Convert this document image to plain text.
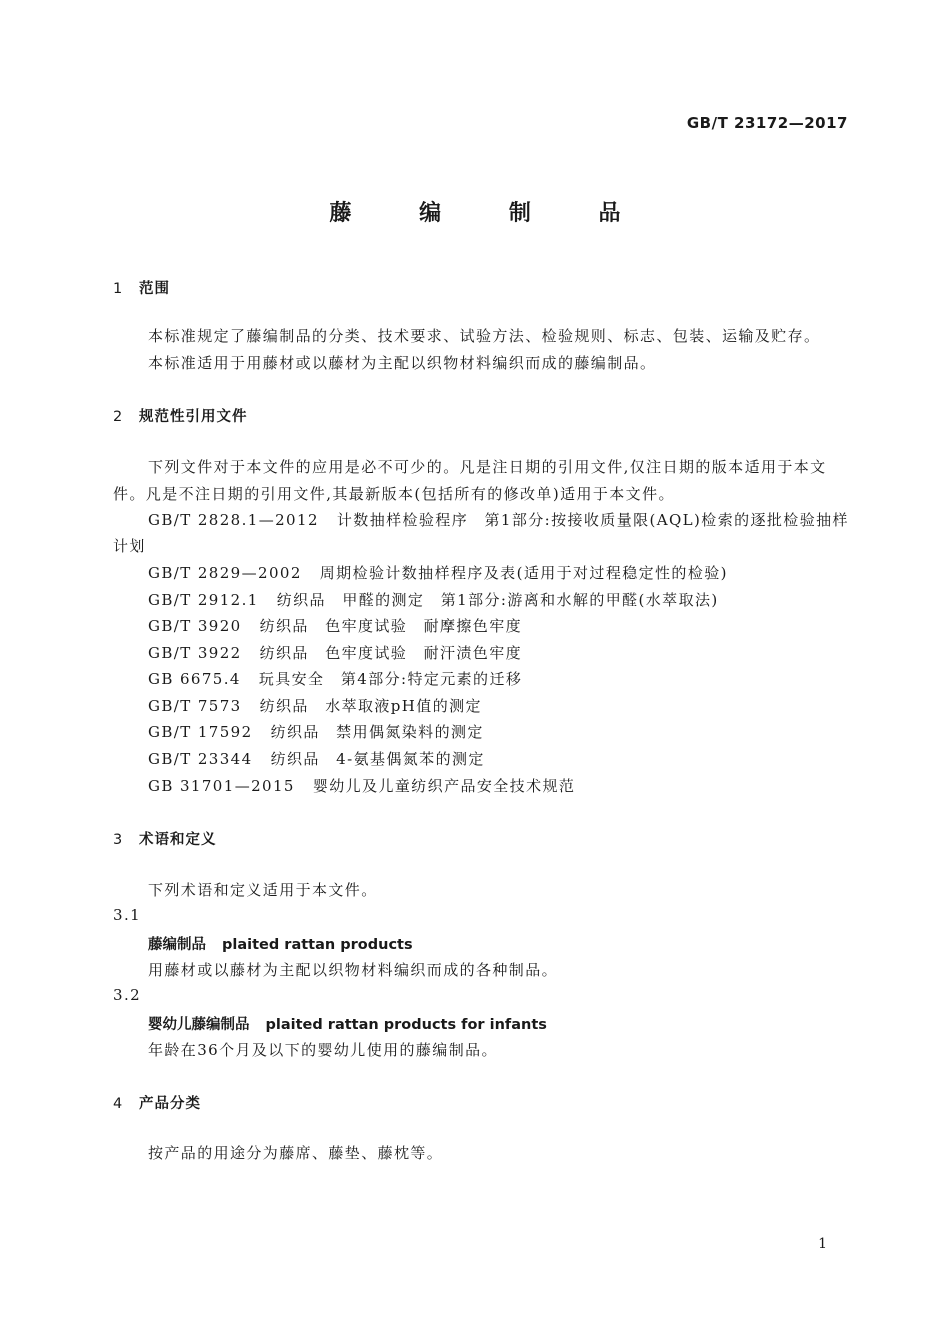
GB/T 23172—2017
藤 编 制 品
1 范围
本标准规定了藤编制品的分类、技术要求、试验方法、检验规则、标志、包装、运输及贮存。
本标准适用于用藤材或以藤材为主配以织物材料编织而成的藤编制品。
2 规范性引用文件
下列文件对于本文件的应用是必不可少的。凡是注日期的引用文件,仅注日期的版本适用于本文
件。凡是不注日期的引用文件,其最新版本(包括所有的修改单)适用于本文件。
GB/T 2828.1—2012 计数抽样检验程序　第1部分:按接收质量限(AQL)检索的逐批检验抽样
计划
GB/T 2829—2002 周期检验计数抽样程序及表(适用于对过程稳定性的检验)
GB/T 2912.1 纺织品　甲醛的测定　第1部分:游离和水解的甲醛(水萃取法)
GB/T 3920 纺织品　色牢度试验　耐摩擦色牢度
GB/T 3922 纺织品　色牢度试验　耐汗渍色牢度
GB 6675.4 玩具安全　第4部分:特定元素的迁移
GB/T 7573 纺织品　水萃取液pH值的测定
GB/T 17592 纺织品　禁用偶氮染料的测定
GB/T 23344 纺织品　4-氨基偶氮苯的测定
GB 31701—2015 婴幼儿及儿童纺织产品安全技术规范
3 术语和定义
下列术语和定义适用于本文件。
3.1
藤编制品 plaited rattan products
用藤材或以藤材为主配以织物材料编织而成的各种制品。
3.2
婴幼儿藤编制品 plaited rattan products for infants
年龄在36个月及以下的婴幼儿使用的藤编制品。
4 产品分类
按产品的用途分为藤席、藤垫、藤枕等。
1
